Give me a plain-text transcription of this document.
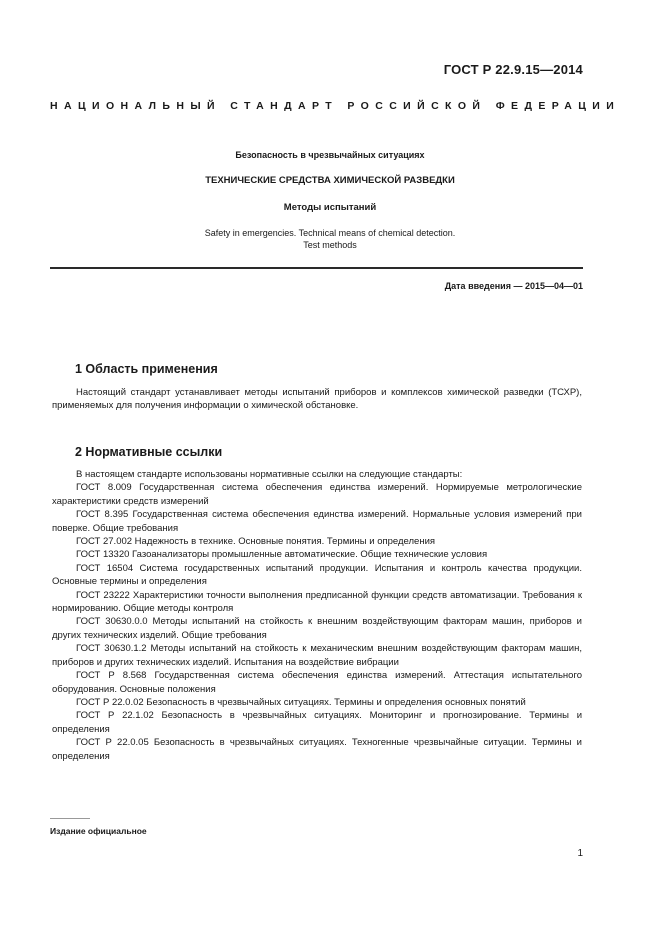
ГОСТ Р 22.9.15—2014
НАЦИОНАЛЬНЫЙ СТАНДАРТ РОССИЙСКОЙ ФЕДЕРАЦИИ
Безопасность в чрезвычайных ситуациях
ТЕХНИЧЕСКИЕ СРЕДСТВА ХИМИЧЕСКОЙ РАЗВЕДКИ
Методы испытаний
Safety in emergencies. Technical means of chemical detection.
Test methods
Дата введения — 2015—04—01
1 Область применения

Настоящий стандарт устанавливает методы испытаний приборов и комплексов химической разведки (ТСХР), применяемых для получения информации о химической обстановке.

2 Нормативные ссылки

В настоящем стандарте использованы нормативные ссылки на следующие стандарты:

ГОСТ 8.009 Государственная система обеспечения единства измерений. Нормируемые метрологические характеристики средств измерений

ГОСТ 8.395 Государственная система обеспечения единства измерений. Нормальные условия измерений при поверке. Общие требования

ГОСТ 27.002 Надежность в технике. Основные понятия. Термины и определения

ГОСТ 13320 Газоанализаторы промышленные автоматические. Общие технические условия

ГОСТ 16504 Система государственных испытаний продукции. Испытания и контроль качества продукции. Основные термины и определения

ГОСТ 23222 Характеристики точности выполнения предписанной функции средств автоматизации. Требования к нормированию. Общие методы контроля

ГОСТ 30630.0.0 Методы испытаний на стойкость к внешним воздействующим факторам машин, приборов и других технических изделий. Общие требования

ГОСТ 30630.1.2 Методы испытаний на стойкость к механическим внешним воздействующим факторам машин, приборов и других технических изделий. Испытания на воздействие вибрации

ГОСТ Р 8.568 Государственная система обеспечения единства измерений. Аттестация испытательного оборудования. Основные положения

ГОСТ Р 22.0.02 Безопасность в чрезвычайных ситуациях. Термины и определения основных понятий

ГОСТ Р 22.1.02 Безопасность в чрезвычайных ситуациях. Мониторинг и прогнозирование. Термины и определения

ГОСТ Р 22.0.05 Безопасность в чрезвычайных ситуациях. Техногенные чрезвычайные ситуации. Термины и определения

Издание официальное
1
